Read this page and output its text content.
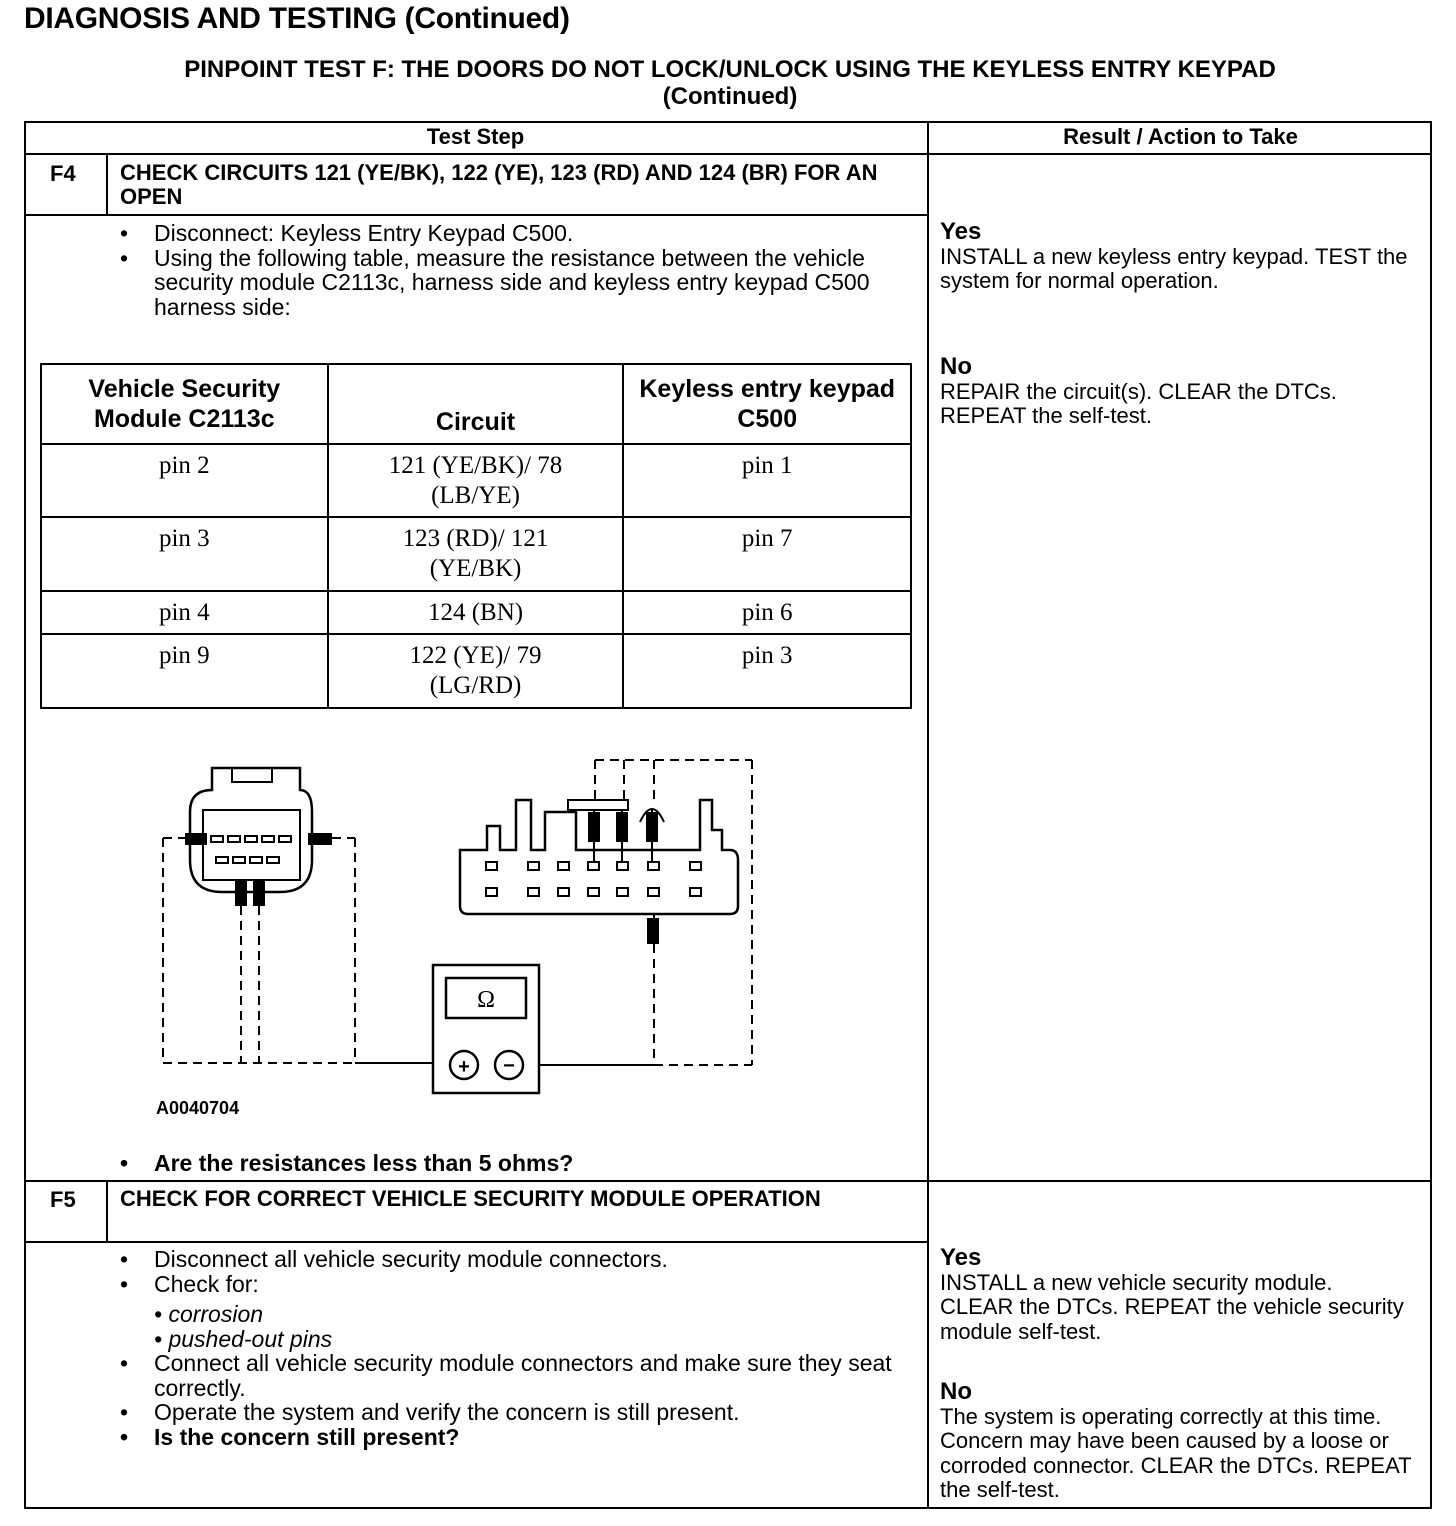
DIAGNOSIS AND TESTING (Continued)
PINPOINT TEST F: THE DOORS DO NOT LOCK/UNLOCK USING THE KEYLESS ENTRY KEYPAD
(Continued)
Test Step	Result / Action to Take
F4 CHECK CIRCUITS 121 (YE/BK), 122 (YE), 123 (RD) AND 124 (BR) FOR AN OPEN
• Disconnect: Keyless Entry Keypad C500.
• Using the following table, measure the resistance between the vehicle security module C2113c, harness side and keyless entry keypad C500 harness side:
Vehicle Security Module C2113c	Circuit	Keyless entry keypad C500
pin 2	121 (YE/BK)/ 78 (LB/YE)	pin 1
pin 3	123 (RD)/ 121 (YE/BK)	pin 7
pin 4	124 (BN)	pin 6
pin 9	122 (YE)/ 79 (LG/RD)	pin 3
Ω
+ −
A0040704
• Are the resistances less than 5 ohms?
Yes
INSTALL a new keyless entry keypad. TEST the system for normal operation.
No
REPAIR the circuit(s). CLEAR the DTCs. REPEAT the self-test.
F5 CHECK FOR CORRECT VEHICLE SECURITY MODULE OPERATION
• Disconnect all vehicle security module connectors.
• Check for:
• corrosion
• pushed-out pins
• Connect all vehicle security module connectors and make sure they seat correctly.
• Operate the system and verify the concern is still present.
• Is the concern still present?
Yes
INSTALL a new vehicle security module. CLEAR the DTCs. REPEAT the vehicle security module self-test.
No
The system is operating correctly at this time. Concern may have been caused by a loose or corroded connector. CLEAR the DTCs. REPEAT the self-test.
